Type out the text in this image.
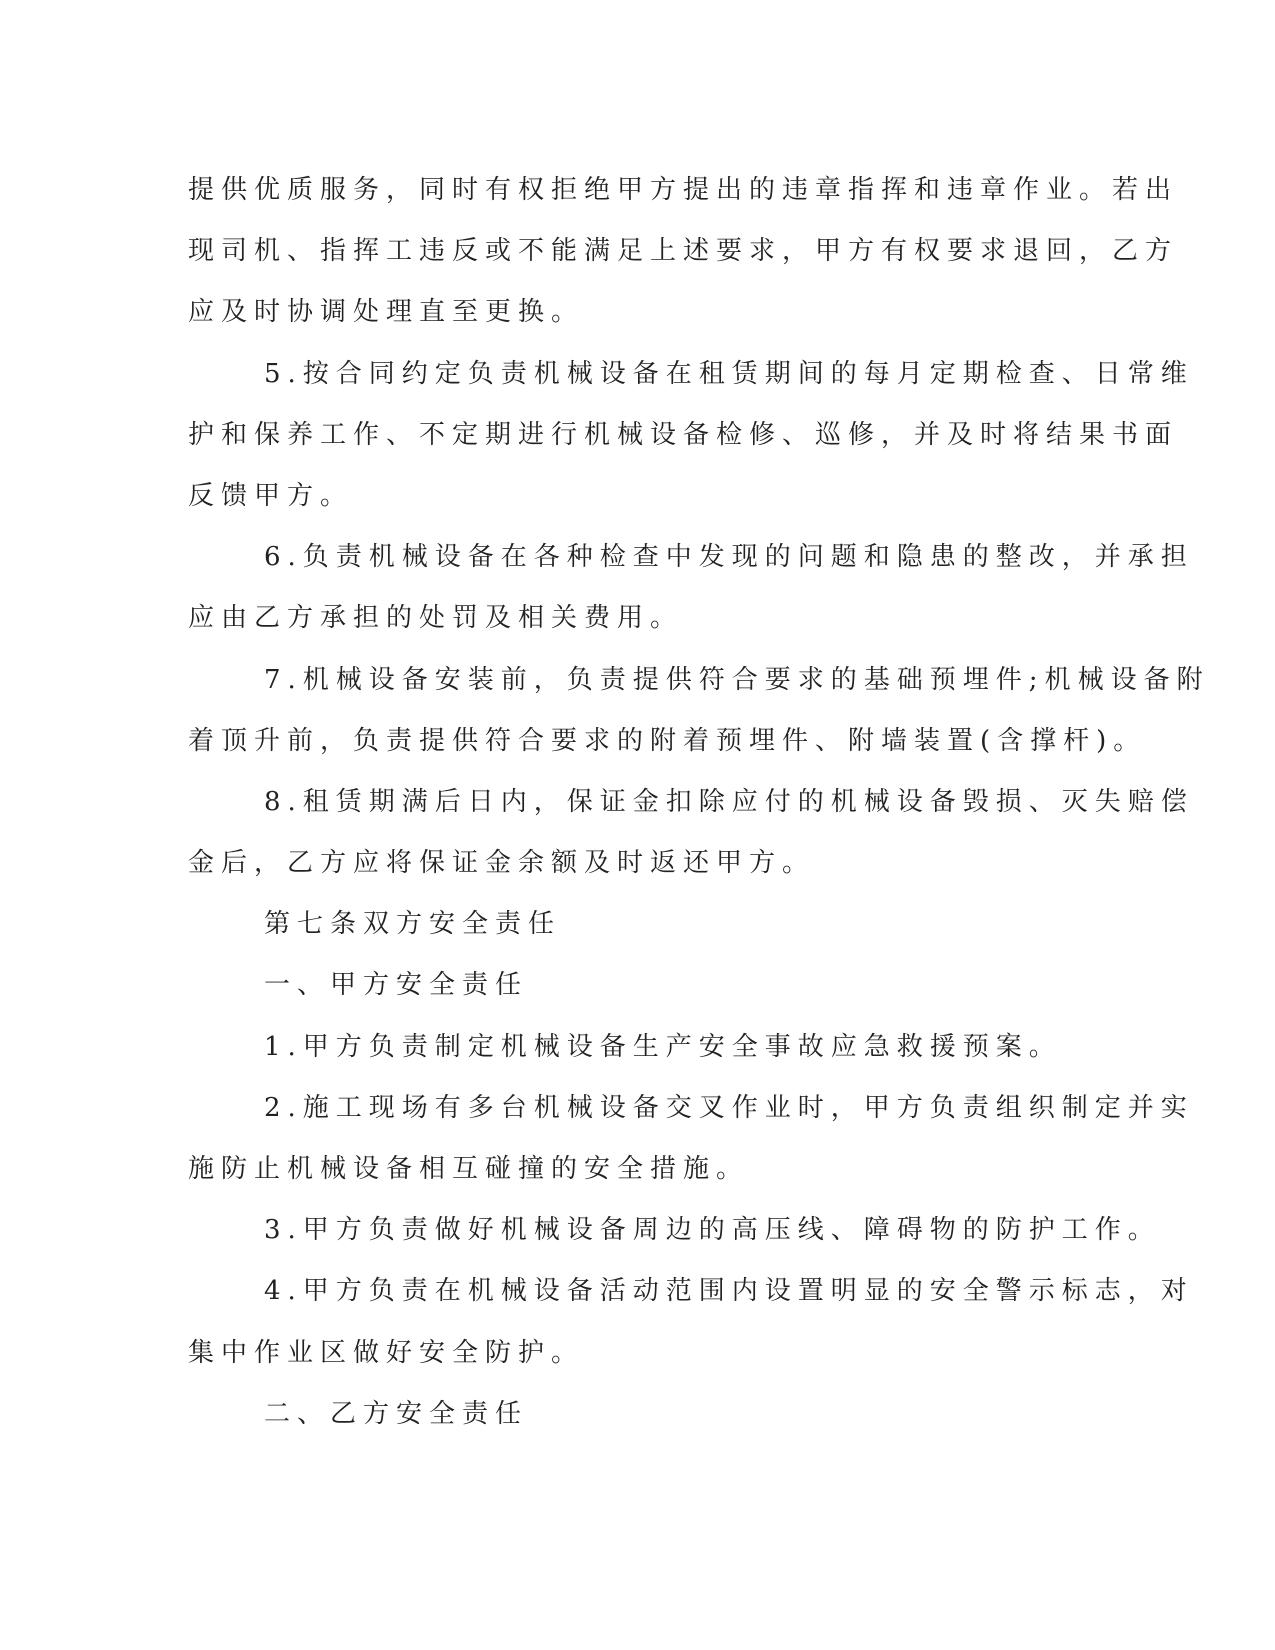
提供优质服务，同时有权拒绝甲方提出的违章指挥和违章作业。若出
现司机、指挥工违反或不能满足上述要求，甲方有权要求退回，乙方
应及时协调处理直至更换。
5.按合同约定负责机械设备在租赁期间的每月定期检查、日常维
护和保养工作、不定期进行机械设备检修、巡修，并及时将结果书面
反馈甲方。
6.负责机械设备在各种检查中发现的问题和隐患的整改，并承担
应由乙方承担的处罚及相关费用。
7.机械设备安装前，负责提供符合要求的基础预埋件;机械设备附
着顶升前，负责提供符合要求的附着预埋件、附墙装置(含撑杆)。
8.租赁期满后日内，保证金扣除应付的机械设备毁损、灭失赔偿
金后，乙方应将保证金余额及时返还甲方。
第七条双方安全责任
一、甲方安全责任
1.甲方负责制定机械设备生产安全事故应急救援预案。
2.施工现场有多台机械设备交叉作业时，甲方负责组织制定并实
施防止机械设备相互碰撞的安全措施。
3.甲方负责做好机械设备周边的高压线、障碍物的防护工作。
4.甲方负责在机械设备活动范围内设置明显的安全警示标志，对
集中作业区做好安全防护。
二、乙方安全责任
